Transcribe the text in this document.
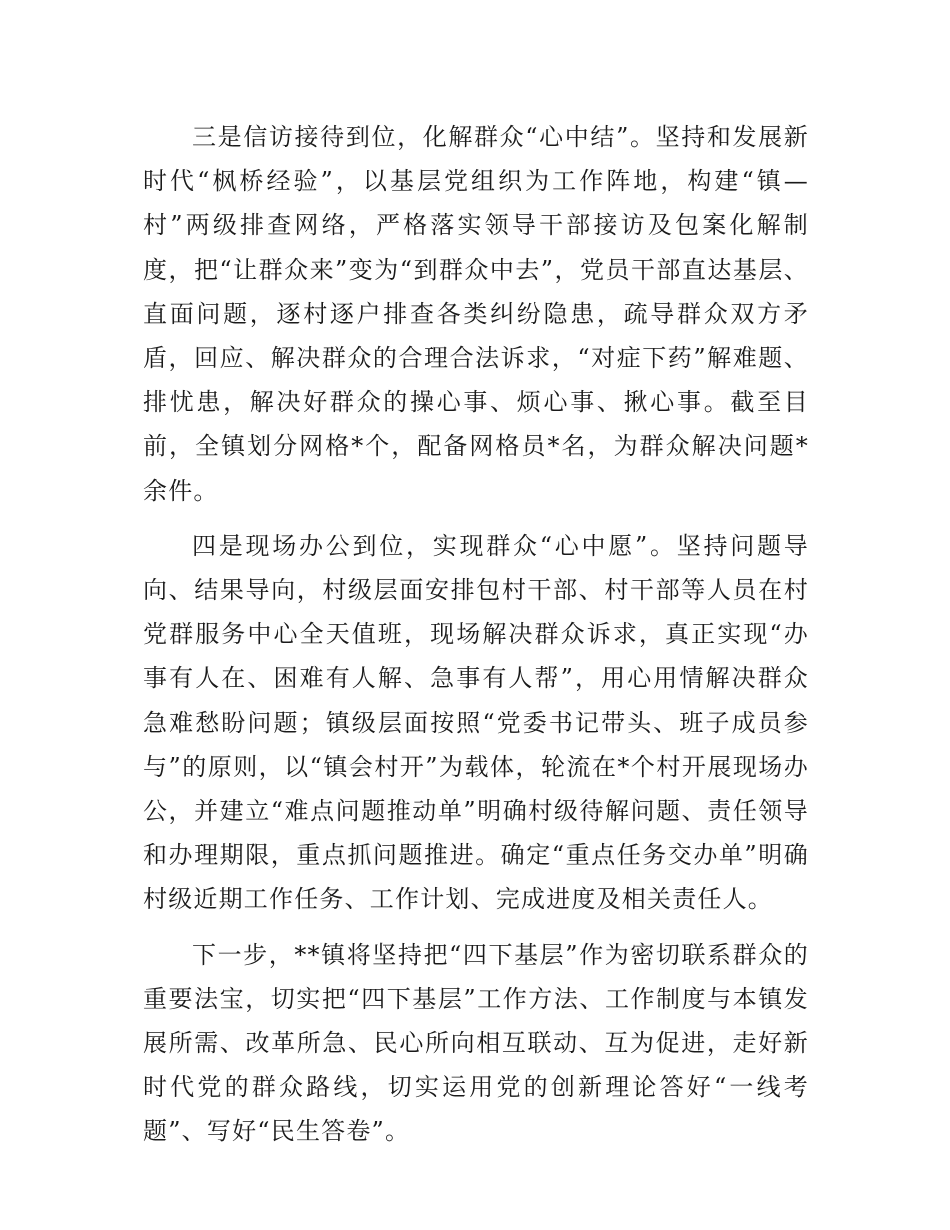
三是信访接待到位，化解群众“心中结”。坚持和发展新时代“枫桥经验”，以基层党组织为工作阵地，构建“镇—村”两级排查网络，严格落实领导干部接访及包案化解制度，把“让群众来”变为“到群众中去”，党员干部直达基层、直面问题，逐村逐户排查各类纠纷隐患，疏导群众双方矛盾，回应、解决群众的合理合法诉求，“对症下药”解难题、排忧患，解决好群众的操心事、烦心事、揪心事。截至目前，全镇划分网格*个，配备网格员*名，为群众解决问题*余件。

四是现场办公到位，实现群众“心中愿”。坚持问题导向、结果导向，村级层面安排包村干部、村干部等人员在村党群服务中心全天值班，现场解决群众诉求，真正实现“办事有人在、困难有人解、急事有人帮”，用心用情解决群众急难愁盼问题；镇级层面按照“党委书记带头、班子成员参与”的原则，以“镇会村开”为载体，轮流在*个村开展现场办公，并建立“难点问题推动单”明确村级待解问题、责任领导和办理期限，重点抓问题推进。确定“重点任务交办单”明确村级近期工作任务、工作计划、完成进度及相关责任人。

下一步，**镇将坚持把“四下基层”作为密切联系群众的重要法宝，切实把“四下基层”工作方法、工作制度与本镇发展所需、改革所急、民心所向相互联动、互为促进，走好新时代党的群众路线，切实运用党的创新理论答好“一线考题”、写好“民生答卷”。
